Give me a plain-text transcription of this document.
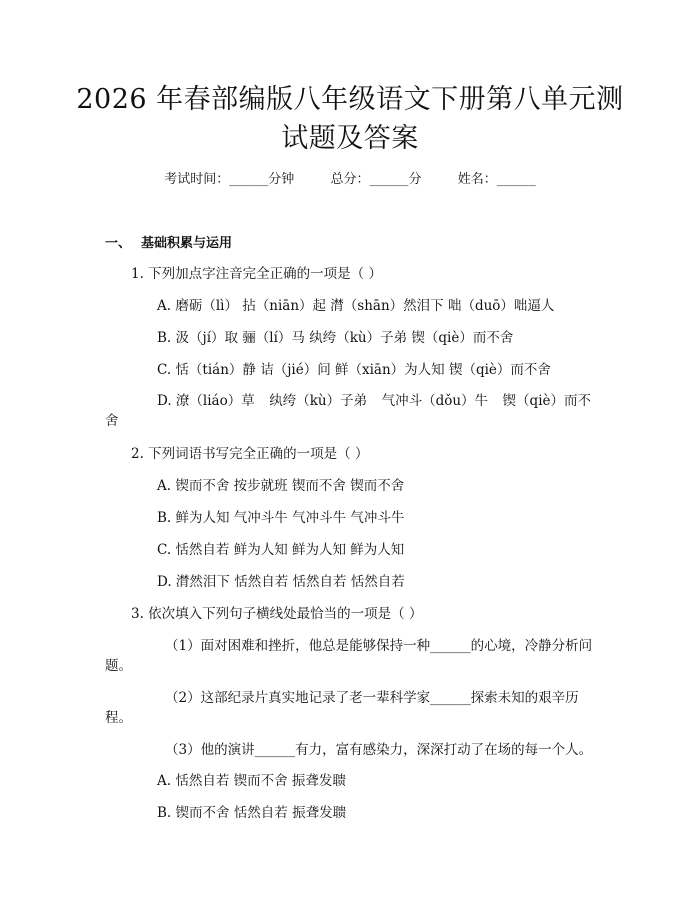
2026 年春部编版八年级语文下册第八单元测
试题及答案
考试时间：______分钟	总分：______分	姓名：______
一、 基础积累与运用
1. 下列加点字注音完全正确的一项是（ ）
A. 磨砺（lì） 拈（niān）起 潸（shān）然泪下 咄（duō）咄逼人
B. 汲（jí）取 骊（lí）马 纨绔（kù）子弟 锲（qiè）而不舍
C. 恬（tián）静 诘（jié）问 鲜（xiān）为人知 锲（qiè）而不舍
D. 潦（liáo）草 纨绔（kù）子弟 气冲斗（dǒu）牛 锲（qiè）而不
舍
2. 下列词语书写完全正确的一项是（ ）
A. 锲而不舍 按步就班 锲而不舍 锲而不舍
B. 鲜为人知 气冲斗牛 气冲斗牛 气冲斗牛
C. 恬然自若 鲜为人知 鲜为人知 鲜为人知
D. 潸然泪下 恬然自若 恬然自若 恬然自若
3. 依次填入下列句子横线处最恰当的一项是（ ）
（1）面对困难和挫折，他总是能够保持一种______的心境，冷静分析问
题。
（2）这部纪录片真实地记录了老一辈科学家______探索未知的艰辛历
程。
（3）他的演讲______有力，富有感染力，深深打动了在场的每一个人。
A. 恬然自若 锲而不舍 振聋发聩
B. 锲而不舍 恬然自若 振聋发聩
